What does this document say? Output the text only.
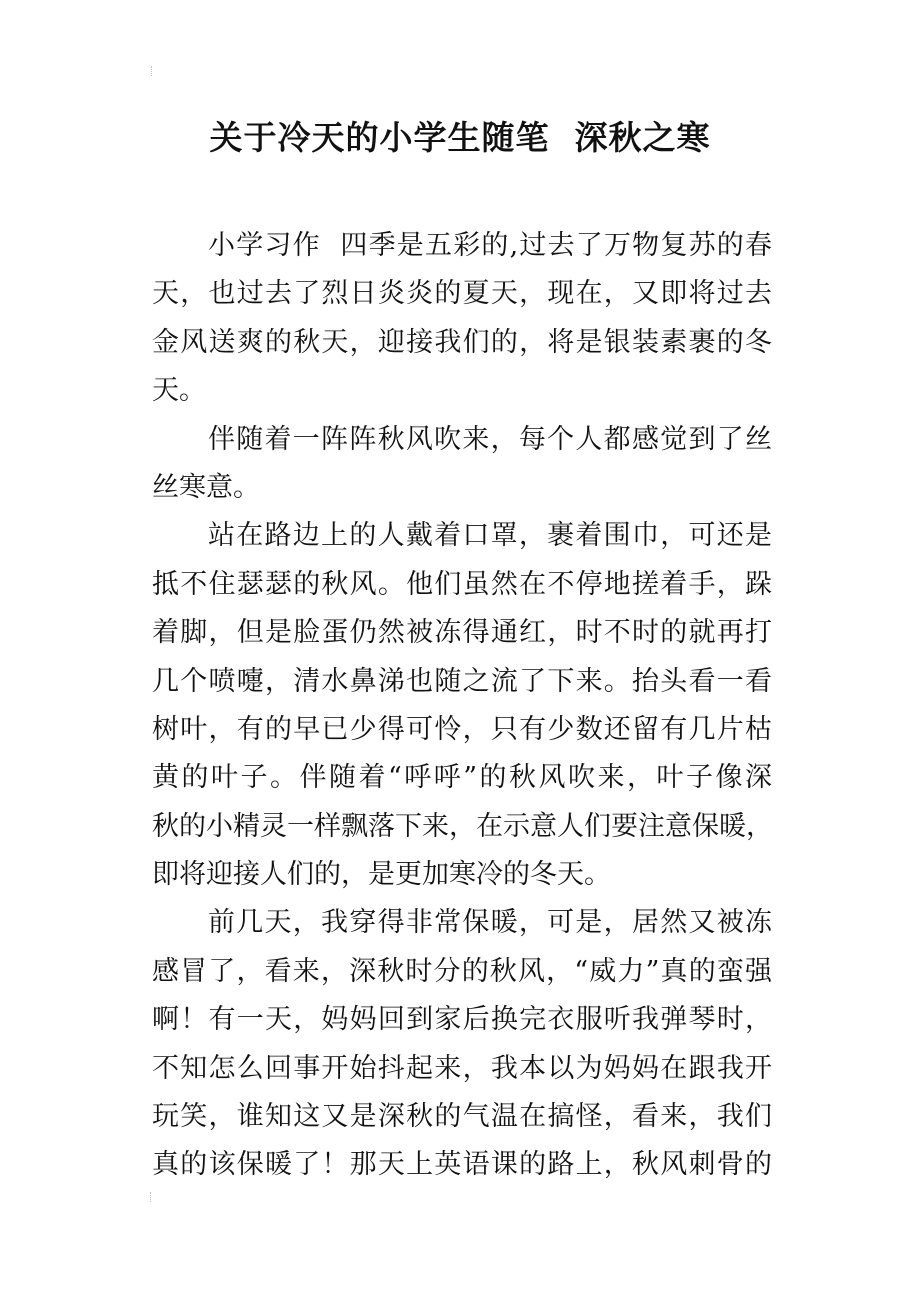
关于冷天的小学生随笔  深秋之寒
小学习作  四季是五彩的,过去了万物复苏的春
天，也过去了烈日炎炎的夏天，现在，又即将过去
金风送爽的秋天，迎接我们的，将是银装素裹的冬
天。
伴随着一阵阵秋风吹来，每个人都感觉到了丝
丝寒意。
站在路边上的人戴着口罩，裹着围巾，可还是
抵不住瑟瑟的秋风。他们虽然在不停地搓着手，跺
着脚，但是脸蛋仍然被冻得通红，时不时的就再打
几个喷嚏，清水鼻涕也随之流了下来。抬头看一看
树叶，有的早已少得可怜，只有少数还留有几片枯
黄的叶子。伴随着“呼呼”的秋风吹来，叶子像深
秋的小精灵一样飘落下来，在示意人们要注意保暖，
即将迎接人们的，是更加寒冷的冬天。
前几天，我穿得非常保暖，可是，居然又被冻
感冒了，看来，深秋时分的秋风，“威力”真的蛮强
啊！有一天，妈妈回到家后换完衣服听我弹琴时，
不知怎么回事开始抖起来，我本以为妈妈在跟我开
玩笑，谁知这又是深秋的气温在搞怪，看来，我们
真的该保暖了！那天上英语课的路上，秋风刺骨的
